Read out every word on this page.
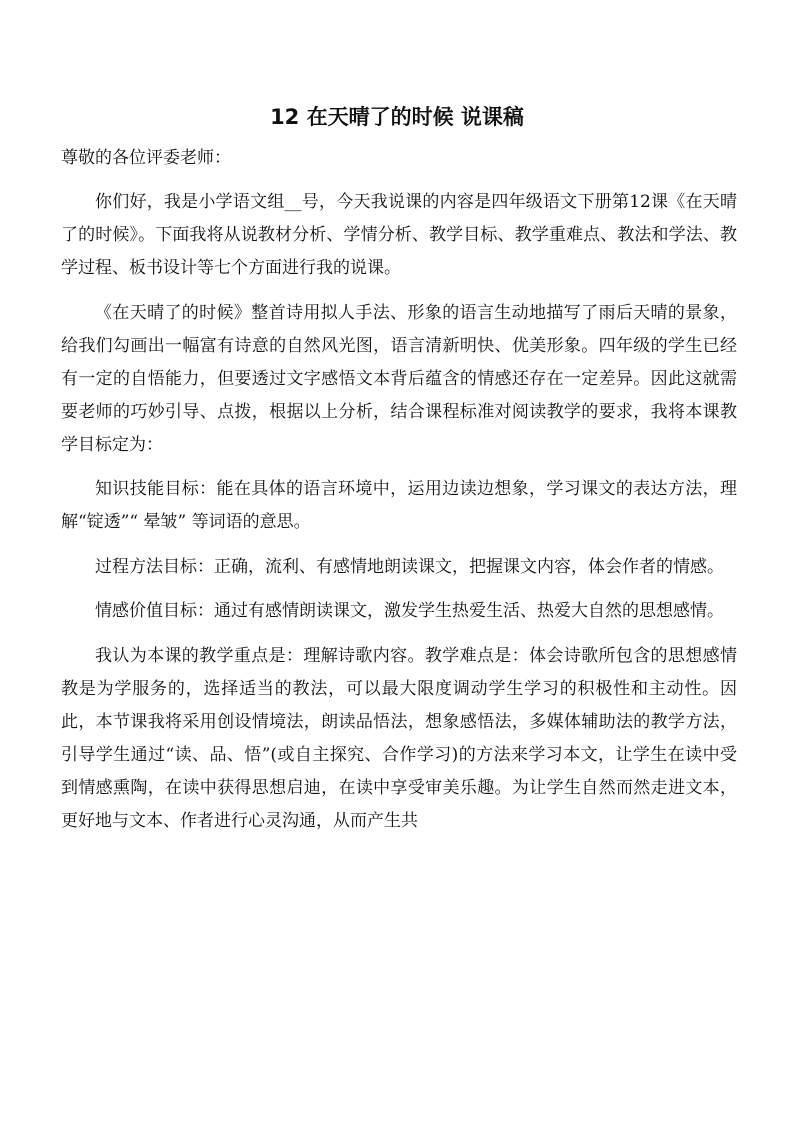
12 在天晴了的时候 说课稿
尊敬的各位评委老师：

你们好，我是小学语文组__号，今天我说课的内容是四年级语文下册第12课《在天晴了的时候》。下面我将从说教材分析、学情分析、教学目标、教学重难点、教法和学法、教学过程、板书设计等七个方面进行我的说课。

《在天晴了的时候》整首诗用拟人手法、形象的语言生动地描写了雨后天晴的景象，给我们勾画出一幅富有诗意的自然风光图，语言清新明快、优美形象。四年级的学生已经有一定的自悟能力，但要透过文字感悟文本背后蕴含的情感还存在一定差异。因此这就需要老师的巧妙引导、点拨，根据以上分析，结合课程标准对阅读教学的要求，我将本课教学目标定为：

知识技能目标：能在具体的语言环境中，运用边读边想象，学习课文的表达方法，理解“锭透”“ 晕皱” 等词语的意思。

过程方法目标：正确，流利、有感情地朗读课文，把握课文内容，体会作者的情感。

情感价值目标：通过有感情朗读课文，激发学生热爱生活、热爱大自然的思想感情。

我认为本课的教学重点是：理解诗歌内容。教学难点是：体会诗歌所包含的思想感情教是为学服务的，选择适当的教法，可以最大限度调动学生学习的积极性和主动性。因此，本节课我将采用创设情境法，朗读品悟法，想象感悟法，多媒体辅助法的教学方法，引导学生通过“读、品、悟”(或自主探究、合作学习)的方法来学习本文，让学生在读中受到情感熏陶，在读中获得思想启迪，在读中享受审美乐趣。为让学生自然而然走进文本，更好地与文本、作者进行心灵沟通，从而产生共
